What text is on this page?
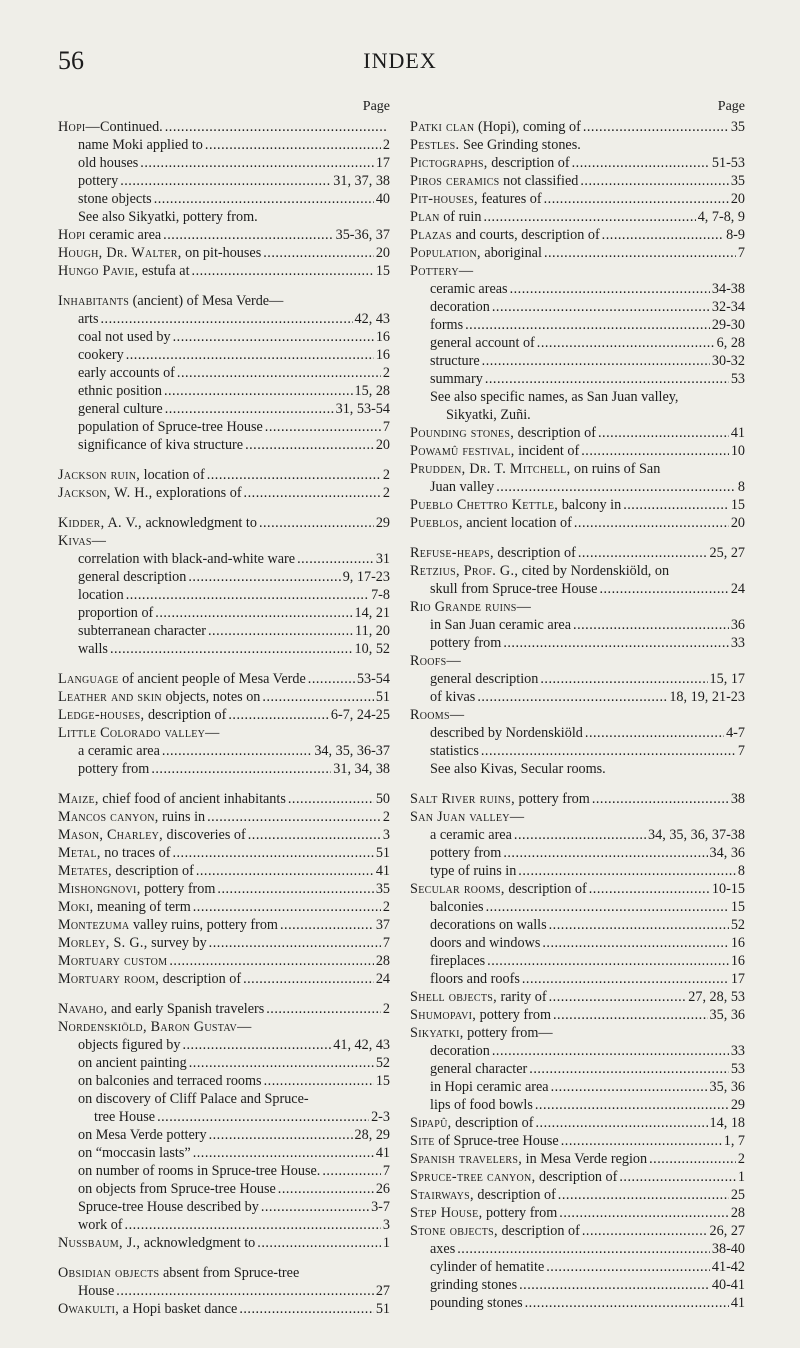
56	INDEX
Page
Hopi—Continued.
.....
name Moki applied to .....	2
old houses .....	17
pottery .....	31, 37, 38
stone objects .....	40
See also Sikyatki, pottery from.
Hopi ceramic area .....	35-36, 37
Hough, Dr. Walter, on pit-houses .....	20
Hungo Pavie, estufa at .....	15
Inhabitants (ancient) of Mesa Verde—
arts .....	42, 43
coal not used by .....	16
cookery .....	16
early accounts of .....	2
ethnic position .....	15, 28
general culture .....	31, 53-54
population of Spruce-tree House .....	7
significance of kiva structure .....	20
Jackson ruin, location of .....	2
Jackson, W. H., explorations of .....	2
Kidder, A. V., acknowledgment to .....	29
Kivas—
correlation with black-and-white ware .....	31
general description .....	9, 17-23
location .....	7-8
proportion of .....	14, 21
subterranean character .....	11, 20
walls .....	10, 52
Language of ancient people of Mesa Verde .....	53-54
Leather and skin objects, notes on .....	51
Ledge-houses, description of .....	6-7, 24-25
Little Colorado valley—
a ceramic area .....	34, 35, 36-37
pottery from .....	31, 34, 38
Maize, chief food of ancient inhabitants .....	50
Mancos canyon, ruins in .....	2
Mason, Charley, discoveries of .....	3
Metal, no traces of .....	51
Metates, description of .....	41
Mishongnovi, pottery from .....	35
Moki, meaning of term .....	2
Montezuma valley ruins, pottery from .....	37
Morley, S. G., survey by .....	7
Mortuary custom .....	28
Mortuary room, description of .....	24
Navaho, and early Spanish travelers .....	2
Nordenskiöld, Baron Gustav—
objects figured by .....	41, 42, 43
on ancient painting .....	52
on balconies and terraced rooms .....	15
on discovery of Cliff Palace and Spruce-
tree House .....	2-3
on Mesa Verde pottery .....	28, 29
on “moccasin lasts” .....	41
on number of rooms in Spruce-tree House. .....	7
on objects from Spruce-tree House .....	26
Spruce-tree House described by .....	3-7
work of .....	3
Nussbaum, J., acknowledgment to .....	1
Obsidian objects absent from Spruce-tree
House .....	27
Owakulti, a Hopi basket dance .....	51
Page
Patki clan (Hopi), coming of .....	35
Pestles. See Grinding stones.
Pictographs, description of .....	51-53
Piros ceramics not classified .....	35
Pit-houses, features of .....	20
Plan of ruin .....	4, 7-8, 9
Plazas and courts, description of .....	8-9
Population, aboriginal .....	7
Pottery—
ceramic areas .....	34-38
decoration .....	32-34
forms .....	29-30
general account of .....	6, 28
structure .....	30-32
summary .....	53
See also specific names, as San Juan valley,
Sikyatki, Zuñi.
Pounding stones, description of .....	41
Powamû festival, incident of .....	10
Prudden, Dr. T. Mitchell, on ruins of San
Juan valley .....	8
Pueblo Chettro Kettle, balcony in .....	15
Pueblos, ancient location of .....	20
Refuse-heaps, description of .....	25, 27
Retzius, Prof. G., cited by Nordenskiöld, on
skull from Spruce-tree House .....	24
Rio Grande ruins—
in San Juan ceramic area .....	36
pottery from .....	33
Roofs—
general description .....	15, 17
of kivas .....	18, 19, 21-23
Rooms—
described by Nordenskiöld .....	4-7
statistics .....	7
See also Kivas, Secular rooms.
Salt River ruins, pottery from .....	38
San Juan valley—
a ceramic area .....	34, 35, 36, 37-38
pottery from .....	34, 36
type of ruins in .....	8
Secular rooms, description of .....	10-15
balconies .....	15
decorations on walls .....	52
doors and windows .....	16
fireplaces .....	16
floors and roofs .....	17
Shell objects, rarity of .....	27, 28, 53
Shumopavi, pottery from .....	35, 36
Sikyatki, pottery from—
decoration .....	33
general character .....	53
in Hopi ceramic area .....	35, 36
lips of food bowls .....	29
Sipapû, description of .....	14, 18
Site of Spruce-tree House .....	1, 7
Spanish travelers, in Mesa Verde region .....	2
Spruce-tree canyon, description of .....	1
Stairways, description of .....	25
Step House, pottery from .....	28
Stone objects, description of .....	26, 27
axes .....	38-40
cylinder of hematite .....	41-42
grinding stones .....	40-41
pounding stones .....	41
